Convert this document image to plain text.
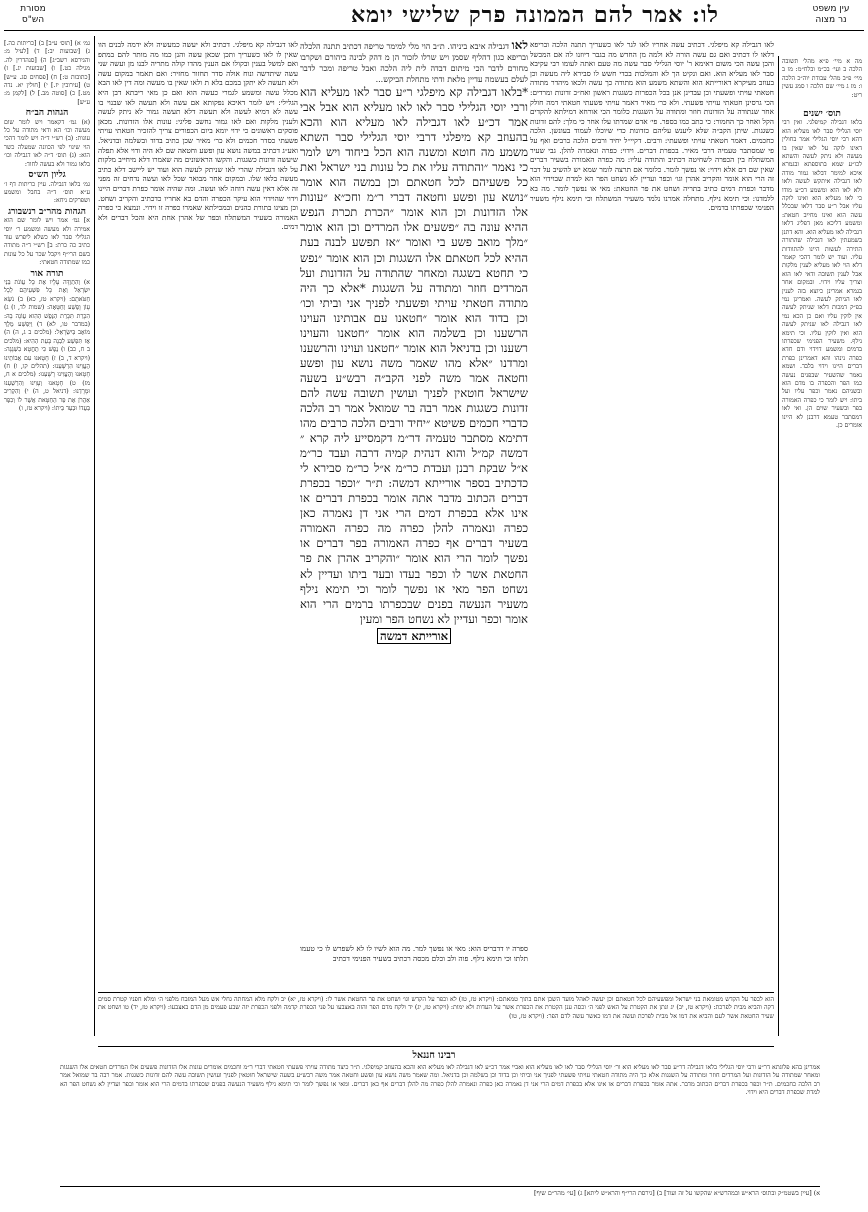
מסורת
הש"ס
עין משפט
נר מצוה
לו: אמר להם הממונה פרק שלישי יומא
מה א מיי׳ פ״א מהל׳ תשובה הלכה ב ועי׳ בכ״מ ובלח״מ: מו ב מיי׳ פ״ב מהל׳ עבודת יוה״כ הלכה ו: מז ג מיי׳ שם הלכה ו סמג עשין ריט:
תוס׳ ישנים
בלאו דגבילה קמיפלגי. ואין רבי יוסי הגלילי סבר לאו מעליא הוא דהא רבי יוסי הגלילי אמר בחולין דאינו לוקה על לאו שאין בו מעשה ולא ניתק לעשה והשתא לכו״ע שמא בתוספתא ובגמרא איכא למימר דבלאו גמור מודה לאו דגבילה איתקש לעשה ולאו ולא לאו הוא ומשמע דכ״ע מודו כי לאו מעליא הוא ואינו לוקה עליו אבל ר״ע סבר דלאו שבכלל עשה הוא ואינו מחייב חטאת: ומשמע דליכא מאן דפליג דלאו דגבילה לאו מעליא הוא. והא דתנן בשמעתין לאו דגבילה שהתורה התירה לעשות היינו להתוודות עליו. ועוד יש לומר דהכי קאמר דלא הוי לאו מעליא לענין מלקות אבל לענין תשובה ודאי לאו הוא וצריך עליו וידוי. ובמקום אחר בגמרא אמרינן כיוצא בזה לענין לאו הניתק לעשה. ואמרינן נמי בפ״ק דמכות דלאו שניתק לעשה אין לוקין עליו ואם כן הכא נמי לאו דגבילה לאו שניתק לעשה הוא ואין לוקין עליו. וכי תימא נילף. משעיר הפנימי שכפרתו בדמים ומשמע דוידוי ודם חדא כפרה נינהו והא דאמרינן כפרת דברים היינו וידוי בלבד. ושמא נאמר שהשעיר שבפנים נעשה כמו הפר והכפרה בו מדם הוא ובשניהם נאמר וכפר עליו ועל ביתו: ויש לומר כי כפרה האמורה בפר ובשעיר שוים הן. ואי לאו דמסתבר טעמא דרבנן לא היינו אומרים כן.
גמ׳ א) [תוס׳ ע״ב] ב) [כריתות כה.] ג) [שבועות יב:] ד) [לעיל מ: והגירסא רשב״ג] ה) [סנהדרין לה. מגילה כט.] ו) [שבועות יג.] ז) [כתובות ט:] ח) [פסחים סג. ע״ש] ט) [עירובין יז.] י) [חולין יא. נדה מט.] כ) [סוטה מב.] ל) [לקמן מ: ע״ש]
הגהות הב״ח
(א) גמ׳ דקאמר ויש לומר שום מעשה וכו׳ הא ודאי מתודה על כל עונות: (ב) רש״י ד״ה ויש לומר דהכי הוי שינוי לפי הכוונה שמעלה כשר הוא: (ג) תוס׳ ד״ה לאו דגבילה וכו׳ בלאו גמור ולא בעשה לחוד:
גליון הש״ס
גמ׳ בלאו דגבילה. עיין כריתות דף ז׳ ע״א תוס׳ ד״ה בחבל ומשמע ושפרקים ניחא:
הגהות מהר״ב רנשבורג
א] גמ׳ אמר ויש לומר שם הוא אמירה ולא מעשה ומשמע ר׳ יוסי הגלילי סבר לאו כשלא ליפרש עוד כתיב כה כרת: ב] רש״י ד״ה מתודה בשם הרי״ף ויקבל שכר על כל עונות כמו שמתודה חטאתי:
תורה אור
א) וְהִתְוַדָּה עָלָיו אֶת כָּל עֲוֹנֹת בְּנֵי יִשְׂרָאֵל וְאֶת כָּל פִּשְׁעֵיהֶם לְכָל חַטֹּאתָם: (ויקרא טז, כא) ב) נֹשֵׂא עָוֹן וָפֶשַׁע וְחַטָּאָה: (שמות לד, ז) ג) הִכָּרֵת תִּכָּרֵת הַנֶּפֶשׁ הַהִוא עֲוֹנָה בָהּ: (במדבר טו, לא) ד) וַיִּפְשַׁע מֶלֶךְ מוֹאָב בְּיִשְׂרָאֵל: (מלכים ב ג, ה) ה) אָז תִּפְשַׁע לִבְנָה בָּעֵת הַהִיא: (מלכים ב ח, כב) ו) נֶפֶשׁ כִּי תֶחֱטָא בִשְׁגָגָה: (ויקרא ד, ב) ז) חָטָאנוּ עִם אֲבוֹתֵינוּ הֶעֱוִינוּ הִרְשָׁעְנוּ: (תהלים קו, ו) ח) חָטָאנוּ וְהֶעֱוִינוּ רָשָׁעְנוּ: (מלכים א ח, מז) ט) חָטָאנוּ וְעָוִינוּ וְהִרְשַׁעְנוּ וּמָרָדְנוּ: (דניאל ט, ה) י) וְהִקְרִיב אַהֲרֹן אֶת פַּר הַחַטָּאת אֲשֶׁר לוֹ וְכִפֶּר בַּעֲדוֹ וּבְעַד בֵּיתוֹ: (ויקרא טז, ו)
לאו דגבילה קא מיפלגי. דכתיב עשה אחריו לאו לגר לאו כשעריך תתנה הלכה ובריפא דלאו לו דכתיב ואם גם עשה הורה לא ולמה מן החדש מה בגבר דיוזנו לה אם המכשל והכן עשה הכי משום דאימא ר' יוסי הגלילי סבר עשה מה טעם ואתה לעומו רבי עקיבא סבר לאו מעליא הוא. ואם ונקיט הך לא והמלכות בכדי חשש לו סבירא ליה מעשה וכן בעוזב מעיקרא דאורייתא הוא והשתא משמע הוא מתודה כך עשה ולכאו מיהדר מתודה חטאתי עויתי ופשעתי וכן עבדינן אנן בכל הכפרות כשגגות ראשון ואח״כ זדונות ומרדים: הכי גרסינן חטאתי עויתי פשעתי. ולא כר׳ מאיר דאמר עויתי פשעתי חטאתי דמה חולק אחר שנתודה על הזדונות חוזר ומתודה על השגגות כלומר הכי אורחא דמילתא להקדים הקל ואחר כך החמור: כי כתב כמו בספר. פי׳ אדם שמרתו עלו אחר כי מלך: להם זדונות כשגגות. שיתן הקב״ה שלא ליענש עליהם כזדונות כדי שיוכלו לעמוד בעונשן. הלכה כחכמים. דאמר חטאתי עויתי ופשעתי: ורבים. דקיי״ל יחיד ורבים הלכה כרבים ואף על פי שמסתבר טעמיה דרבי מאיר. בכפרת דברים. וידוי: כפרה ונאמרה להלן. גבי שעיר המשתלח בין הכפרה לשחיטה דכתיב והתודה עליו: מה כפרה האמורה בשעיר דברים שאין שם דם אלא וידוי: או נפשך לומר. כלומר אם תרצה לומר שמא יש להשיב על דבר זה הרי הוא אומר והקריב אהרן וגו׳ וכפר ועדיין לא נשחט הפר הא למדת שבוידוי הוא מדבר וכפרת דמים כתיב בתריה ושחט את פר החטאת: מאי או נפשך לומר. מה בא ללמדנו: וכי תימא נילף. מתחלה אמרנו נלמד משעיר המשתלח וכי תימא נילף משעיר הפנימי שכפרתו בדמים.
לאו דגבילה קא מיפלגי. דכתיב ולא יעשה כמעשיה ולא ידמה לבנים הוו שאין לו לאו כשעריך ותכן שכאן עשה והנן כמו מה מותר להם במתפ ואם למשל בענין ובקולו אם הענין מהדו קולה מתריה לבנו מן ועשה שני עשה שיתדשה ונוח אולה סדר תחזור מחזיר: ואם תאמר במקום עשה ולא תעשה לא יתקן במכם בלא ת ולאו שאין בו מעשה ומה דין לאו הבא מכלל עשה ומשמע לגמרי כעשה הוא ואם כן מאי ריבתא דבן היא הגלילי: ויש לומר דאיכא נפקותא אם עשה ולא תעשה לאו שבנוי בו עשה לא דמיא לעשה ולא תעשה דלא תעשה גמור לא ניתק לעשה ולענין מלקות ואם לאו גמור נחשב פליגי: עונות אלו הזדונות. מכאן פוסקים ראשונים כי ידוי יומא ביום הכפורים צריך להזכיר חטאתי עויתי פשעתי כסדר חכמים ולא כר׳ מאיר שכן כתיב בדוד ובשלמה ובדניאל. ואע״ג דכתיב במשה נושא עון ופשע וחטאה שם לא היה ודוי אלא תפלה שיעשה זדונות כשגגות. והקשו הראשונים מה שאמרו דלא מיחייב מלקות על לאו דגבילה שהרי לאו שניתק לעשה הוא ועוד יש ליישב דלא כתיב מעשה בלאו שלו. ובמקום אחר מבואר שכל לאו ועשה נדחים זה מפני זה אלא דאין עשה דוחה לאו ועשה. ומה שהיה אומר כפרת דברים היינו וידוי שהוידוי הוא עיקר הכפרה והדם בא אחריו כדכתיב והקריב ושחט. וכן מצינו בתורת כהנים ובמכילתא שאמרו כפרה זו וידוי. ונמצא כי כפרה האמורה בשעיר המשתלח ובפר של אהרן אחת היא והכל דברים ולא דמים.
לאו דגבילה איבא ביניהו. ת״ב הוי מלי למימר טריפה דכתיב תתנה הלכלה ובריפא כגון דהליף שסמן ויש שרלו לזכור הן מ דהק לבינה ביהורם ושקרבו מחורם לדבר הכי מיתום דבדה לית ליה הלכה ואבל טריפה ומכר לדבר לעלם בעשמה עדיין מלאת ודתי מתחלת הביקש...
*בלאו דגבילה קא מיפלגי ר״ע סבר לאו מעליא הוא ורבי יוסי הגלילי סבר לאו לאו מעליא הוא אבל אבי אמר דכ״ע לאו דגבילה לאו מעליא הוא והכא בהעוזב קא מיפלגי דרבי יוסי הגלילי סבר השתא משמע מה חוטא ומשנה הוא הכל ביחוד ויש לומר כי נאמר ״והתודה עליו את כל עונות בני ישראל ואת כל פשעיהם לכל חטאתם וכן במשה הוא אומר ״נושא עון ופשע וחטאה דברי ר״מ וחכ״א ״עונות אלו הזדונות וכן הוא אומר ״הכרת תכרת הנפש ההיא עונה בה ״פשעים אלו המרדים וכן הוא אומר ״מלך מואב פשע בי ואומר ״אז תפשע לבנה בעת ההיא לכל חטאתם אלו השגגות וכן הוא אומר ״נפש כי תחטא בשגגה ומאחר שהתודה על הזדונות ועל המרדים חוזר ומתודה על השגגות *אלא כך היה מתודה חטאתי עויתי ופשעתי לפניך אני וביתי וכו׳ וכן בדוד הוא אומר ״חטאנו עם אבותינו העוינו הרשענו וכן בשלמה הוא אומר ״חטאנו והעוינו רשענו וכן בדניאל הוא אומר ״חטאנו ועוינו והרשענו ומרדנו ״אלא מהו שאמר משה נושא עון ופשע וחטאה אמר משה לפני הקב״ה רבש״ע בשעה שישראל חוטאין לפניך ועושין תשובה עשה להם זדונות כשגגות אמר רבה בר שמואל אמר רב הלכה כדברי חכמים פשיטא ״יחיד ורבים הלכה כרבים מהו דתימא מסתבר טעמיה דר״מ דקמסייע ליה קרא ״ דמשה קמ״ל והוא דנהית קמיה דרבה ועבד כר״מ א״ל שבקת רבנן ועבדת כר״מ א״ל כר״מ סבירא לי כדכתיב בספר אורייתא דמשה: ת״ר ״וכפר בכפרת דברים הכתוב מדבר אתה אומר בכפרת דברים או אינו אלא בכפרת דמים הרי אני דן נאמרה כאן כפרה ונאמרה להלן כפרה מה כפרה האמורה בשעיר דברים אף כפרה האמורה בפר דברים או נפשך לומר הרי הוא אומר ״והקריב אהרן את פר החטאת אשר לו וכפר בעדו ובעד ביתו ועדיין לא נשחט הפר מאי או נפשך לומר וכי תימא נילף משעיר הנעשה בפנים שבכפרתו ברמים הרי הוא אומר וכפר ועדיין לא נשחט הפר ומעין
אורייתא דמשה
ספרה יו דדבריס הוא: מאי או נפשך למר. מה הוא לשיו לו לא לשפרש לו כי טעמו תלתו וכי תימא נילף. פוה ולב וכלם מכסה רכתיב בשעיר הפנימי דכתיב
הוא לכפר על הקדש מטומאת בני ישראל ומפשעיהם לכל חטאתם וכן יעשה לאהל מועד השכן אתם בתוך טמאתם: (ויקרא טז, טז) לא וכפר על הקדש וגו׳ ושחט את פר החטאת אשר לו: (ויקרא טז, יא) יב ולקח מלא המחתה גחלי אש מעל המזבח מלפני ה׳ ומלא חפניו קטרת סמים דקה והביא מבית לפרכת: (ויקרא טז, יב) יג ונתן את הקטרת על האש לפני ה׳ וכסה ענן הקטרת את הכפרת אשר על העדות ולא ימות: (ויקרא טז, יג) יד ולקח מדם הפר והזה באצבעו על פני הכפרת קדמה ולפני הכפרת יזה שבע פעמים מן הדם באצבעו: (ויקרא טז, יד) טו ושחט את שעיר החטאת אשר לעם והביא את דמו אל מבית לפרכת ועשה את דמו כאשר עשה לדם הפר: (ויקרא טז, טו)
רבינו חננאל
אמרינן בהא פלוגתא דר״ע ורבי יוסי הגלילי בלאו דגבילה דר״ע סבר לאו מעליא הוא ור׳ יוסי הגלילי סבר לאו לאו מעליא הוא ואביי אמר דכ״ע לאו דגבילה לאו מעליא הוא והכא בהעוזב קמיפלגי. ת״ר כיצד מתודה עויתי פשעתי חטאתי דברי ר״מ וחכמים אומרים עונות אלו הזדונות פשעים אלו המרדים חטאים אלו השגגות ומאחר שמתודה על הזדונות ועל המרדים חוזר ומתודה על השגגות אלא כך היה מתודה חטאתי עויתי פשעתי לפניך אני וביתי וכן בדוד וכן בשלמה וכן בדניאל. ומה שאמר משה נושא עון ופשע וחטאה אמר משה רבש״ע בשעה שישראל חוטאין לפניך ועושין תשובה עשה להם זדונות כשגגות. אמר רבה בר שמואל אמר רב הלכה כחכמים. ת״ר וכפר בכפרת דברים הכתוב מדבר. אתה אומר בכפרת דברים או אינו אלא בכפרת דמים הרי אני דן נאמרה כאן כפרה ונאמרה להלן כפרה מה להלן דברים אף כאן דברים. ומאי או נפשך לומר וכי תימא נילף משעיר הנעשה בפנים שכפרתו בדמים הרי הוא אומר וכפר ועדיין לא נשחט הפר הא למדת שכפרת דברים היא וידוי.
א) [עיין בשטמ״ק ובתוס׳ הרא״ש ובמהרש״א שהקשו על זה ועוד] ב) [גירסת הרי״ף והרא״ש ליתא] ג) [עי׳ מהר״ם שיף]
